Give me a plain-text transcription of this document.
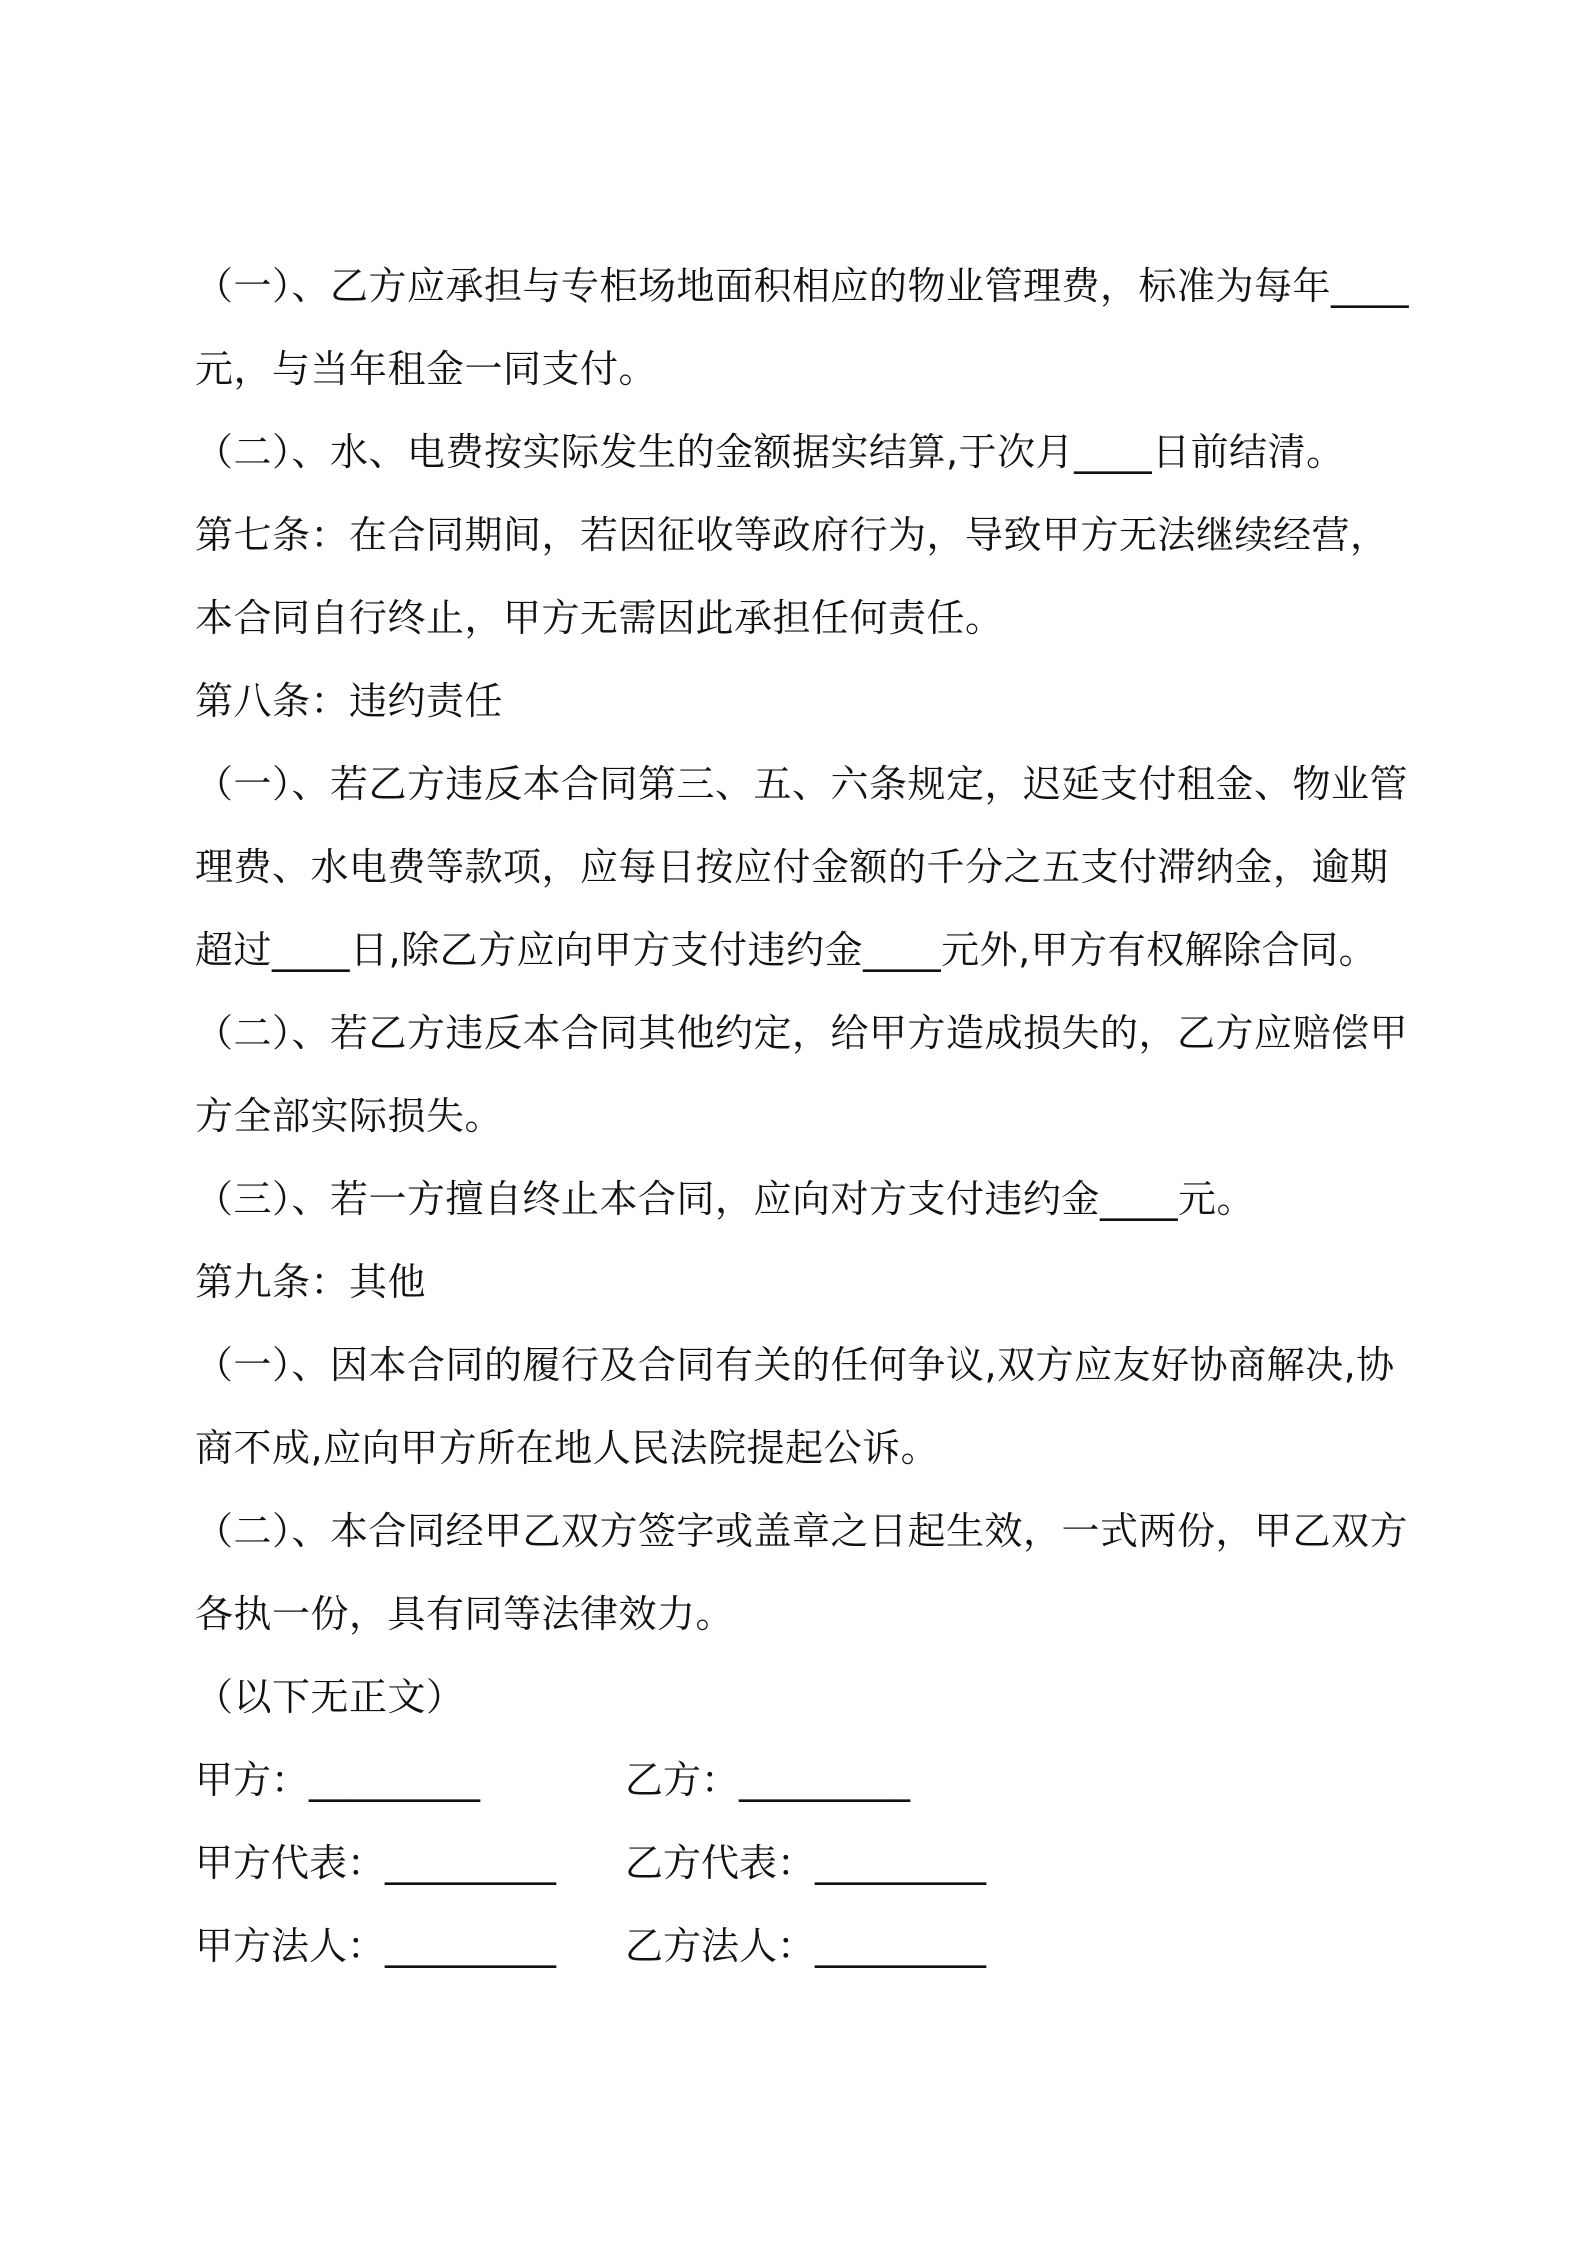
（一）、乙方应承担与专柜场地面积相应的物业管理费，标准为每年____
元，与当年租金一同支付。
（二）、水、电费按实际发生的金额据实结算,于次月____日前结清。
第七条：在合同期间，若因征收等政府行为，导致甲方无法继续经营，
本合同自行终止，甲方无需因此承担任何责任。
第八条：违约责任
（一）、若乙方违反本合同第三、五、六条规定，迟延支付租金、物业管
理费、水电费等款项，应每日按应付金额的千分之五支付滞纳金，逾期
超过____日,除乙方应向甲方支付违约金____元外,甲方有权解除合同。
（二）、若乙方违反本合同其他约定，给甲方造成损失的，乙方应赔偿甲
方全部实际损失。
（三）、若一方擅自终止本合同，应向对方支付违约金____元。
第九条：其他
（一）、因本合同的履行及合同有关的任何争议,双方应友好协商解决,协
商不成,应向甲方所在地人民法院提起公诉。
（二）、本合同经甲乙双方签字或盖章之日起生效，一式两份，甲乙双方
各执一份，具有同等法律效力。
（以下无正文）
甲方：_________	乙方：_________
甲方代表：_________ 乙方代表：_________
甲方法人：_________ 乙方法人：_________
